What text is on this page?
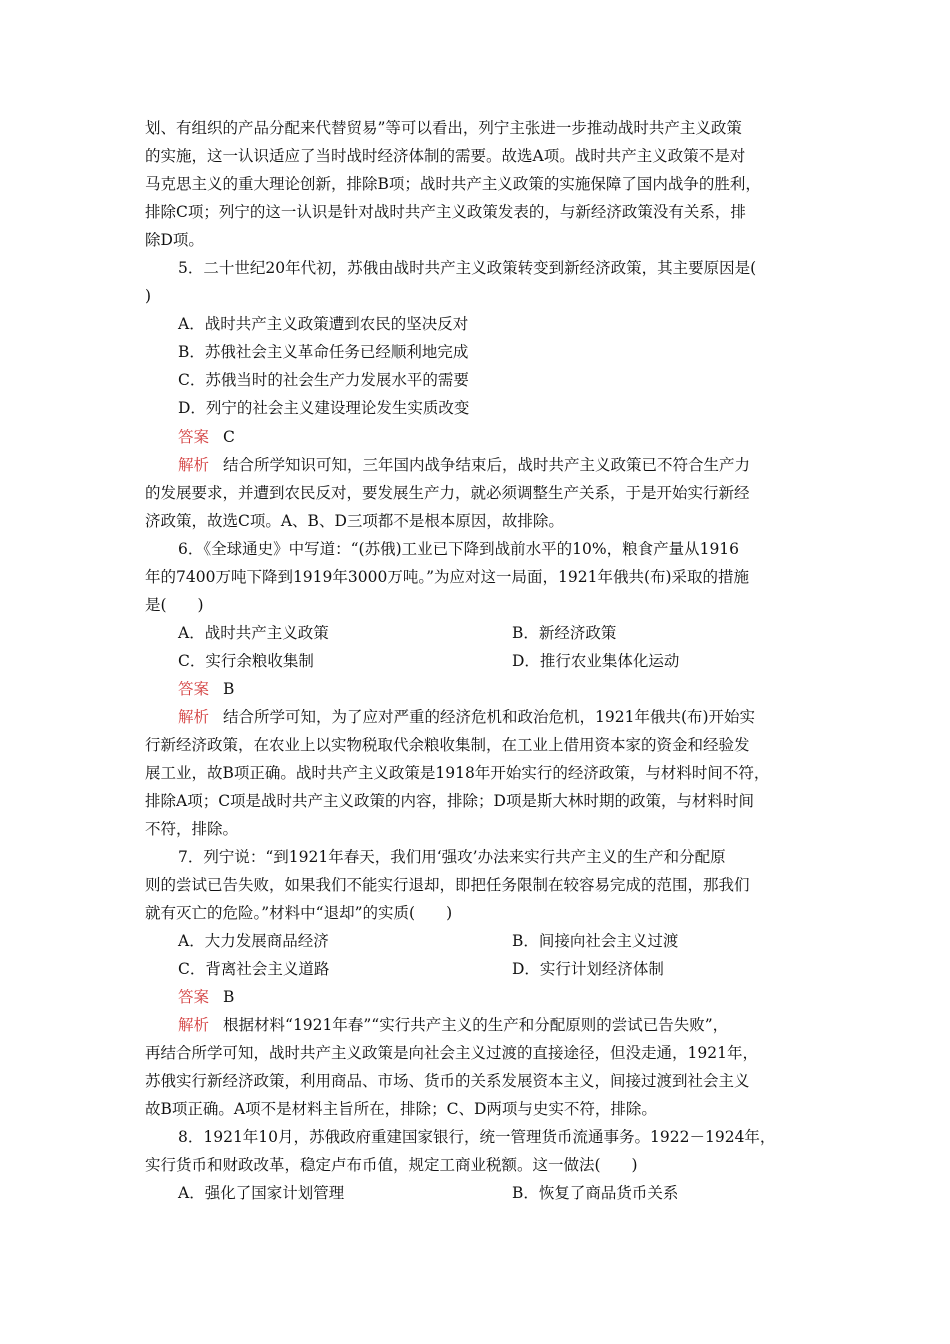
划、有组织的产品分配来代替贸易”等可以看出，列宁主张进一步推动战时共产主义政策
的实施，这一认识适应了当时战时经济体制的需要。故选A项。战时共产主义政策不是对
马克思主义的重大理论创新，排除B项；战时共产主义政策的实施保障了国内战争的胜利，
排除C项；列宁的这一认识是针对战时共产主义政策发表的，与新经济政策没有关系，排
除D项。
5．二十世纪20年代初，苏俄由战时共产主义政策转变到新经济政策，其主要原因是(
)
A．战时共产主义政策遭到农民的坚决反对
B．苏俄社会主义革命任务已经顺利地完成
C．苏俄当时的社会生产力发展水平的需要
D．列宁的社会主义建设理论发生实质改变
答案 C
解析 结合所学知识可知，三年国内战争结束后，战时共产主义政策已不符合生产力
的发展要求，并遭到农民反对，要发展生产力，就必须调整生产关系，于是开始实行新经
济政策，故选C项。A、B、D三项都不是根本原因，故排除。
6．《全球通史》中写道：“(苏俄)工业已下降到战前水平的10%，粮食产量从1916
年的7400万吨下降到1919年3000万吨。”为应对这一局面，1921年俄共(布)采取的措施
是(　　)
A．战时共产主义政策	B．新经济政策
C．实行余粮收集制	D．推行农业集体化运动
答案 B
解析 结合所学可知，为了应对严重的经济危机和政治危机，1921年俄共(布)开始实
行新经济政策，在农业上以实物税取代余粮收集制，在工业上借用资本家的资金和经验发
展工业，故B项正确。战时共产主义政策是1918年开始实行的经济政策，与材料时间不符，
排除A项；C项是战时共产主义政策的内容，排除；D项是斯大林时期的政策，与材料时间
不符，排除。
7．列宁说：“到1921年春天，我们用‘强攻’办法来实行共产主义的生产和分配原
则的尝试已告失败，如果我们不能实行退却，即把任务限制在较容易完成的范围，那我们
就有灭亡的危险。”材料中“退却”的实质(　　)
A．大力发展商品经济	B．间接向社会主义过渡
C．背离社会主义道路	D．实行计划经济体制
答案 B
解析 根据材料“1921年春”“实行共产主义的生产和分配原则的尝试已告失败”，
再结合所学可知，战时共产主义政策是向社会主义过渡的直接途径，但没走通，1921年，
苏俄实行新经济政策，利用商品、市场、货币的关系发展资本主义，间接过渡到社会主义
故B项正确。A项不是材料主旨所在，排除；C、D两项与史实不符，排除。
8．1921年10月，苏俄政府重建国家银行，统一管理货币流通事务。1922－1924年，
实行货币和财政改革，稳定卢布币值，规定工商业税额。这一做法(　　)
A．强化了国家计划管理	B．恢复了商品货币关系
